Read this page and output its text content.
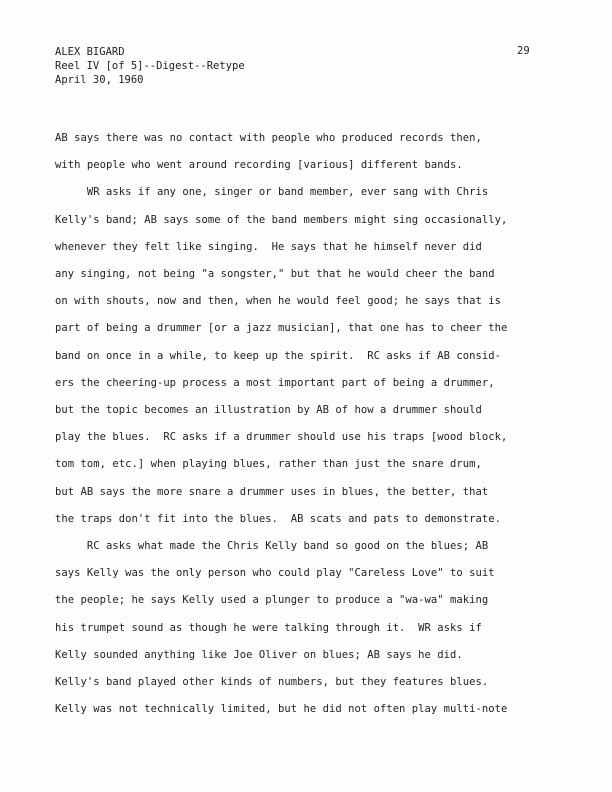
ALEX BIGARD
Reel IV [of 5]--Digest--Retype
April 30, 1960
29
AB says there was no contact with people who produced records then,
with people who went around recording [various] different bands.
WR asks if any one, singer or band member, ever sang with Chris
Kelly's band; AB says some of the band members might sing occasionally,
whenever they felt like singing.  He says that he himself never did
any singing, not being "a songster," but that he would cheer the band
on with shouts, now and then, when he would feel good; he says that is
part of being a drummer [or a jazz musician], that one has to cheer the
band on once in a while, to keep up the spirit.  RC asks if AB consid-
ers the cheering-up process a most important part of being a drummer,
but the topic becomes an illustration by AB of how a drummer should
play the blues.  RC asks if a drummer should use his traps [wood block,
tom tom, etc.] when playing blues, rather than just the snare drum,
but AB says the more snare a drummer uses in blues, the better, that
the traps don't fit into the blues.  AB scats and pats to demonstrate.
RC asks what made the Chris Kelly band so good on the blues; AB
says Kelly was the only person who could play "Careless Love" to suit
the people; he says Kelly used a plunger to produce a "wa-wa" making
his trumpet sound as though he were talking through it.  WR asks if
Kelly sounded anything like Joe Oliver on blues; AB says he did.
Kelly's band played other kinds of numbers, but they features blues.
Kelly was not technically limited, but he did not often play multi-note
